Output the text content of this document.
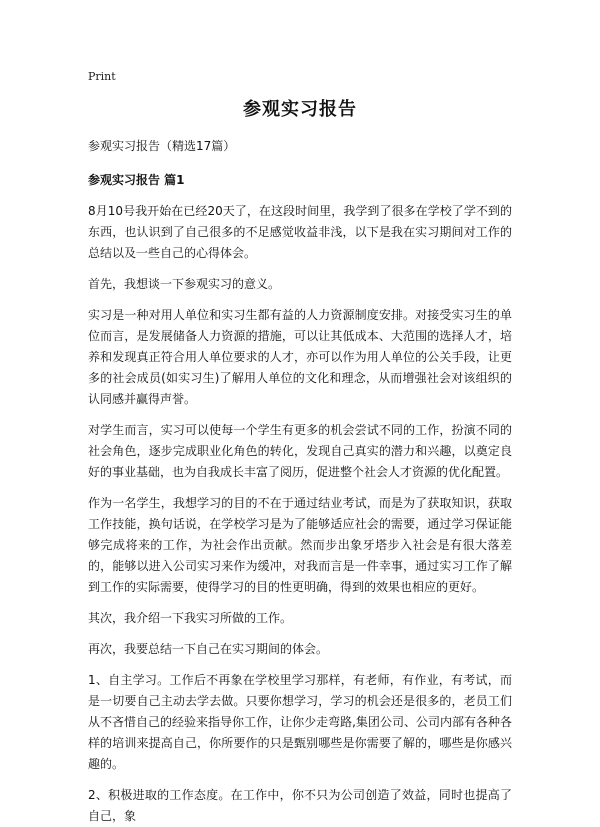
Print
参观实习报告
参观实习报告（精选17篇）
参观实习报告 篇1

8月10号我开始在已经20天了，在这段时间里，我学到了很多在学校了学不到的东西，也认识到了自己很多的不足感觉收益非浅，以下是我在实习期间对工作的总结以及一些自己的心得体会。

首先，我想谈一下参观实习的意义。

实习是一种对用人单位和实习生都有益的人力资源制度安排。对接受实习生的单位而言，是发展储备人力资源的措施，可以让其低成本、大范围的选择人才，培养和发现真正符合用人单位要求的人才，亦可以作为用人单位的公关手段，让更多的社会成员(如实习生)了解用人单位的文化和理念，从而增强社会对该组织的认同感并赢得声誉。

对学生而言，实习可以使每一个学生有更多的机会尝试不同的工作，扮演不同的社会角色，逐步完成职业化角色的转化，发现自己真实的潜力和兴趣，以奠定良好的事业基础，也为自我成长丰富了阅历，促进整个社会人才资源的优化配置。

作为一名学生，我想学习的目的不在于通过结业考试，而是为了获取知识，获取工作技能，换句话说，在学校学习是为了能够适应社会的需要，通过学习保证能够完成将来的工作，为社会作出贡献。然而步出象牙塔步入社会是有很大落差的，能够以进入公司实习来作为缓冲，对我而言是一件幸事，通过实习工作了解到工作的实际需要，使得学习的目的性更明确，得到的效果也相应的更好。

其次，我介绍一下我实习所做的工作。

再次，我要总结一下自己在实习期间的体会。

1、自主学习。工作后不再象在学校里学习那样，有老师，有作业，有考试，而是一切要自己主动去学去做。只要你想学习，学习的机会还是很多的，老员工们从不吝惜自己的经验来指导你工作，让你少走弯路,集团公司、公司内部有各种各样的培训来提高自己，你所要作的只是甄别哪些是你需要了解的，哪些是你感兴趣的。

2、积极进取的工作态度。在工作中，你不只为公司创造了效益，同时也提高了自己，象
